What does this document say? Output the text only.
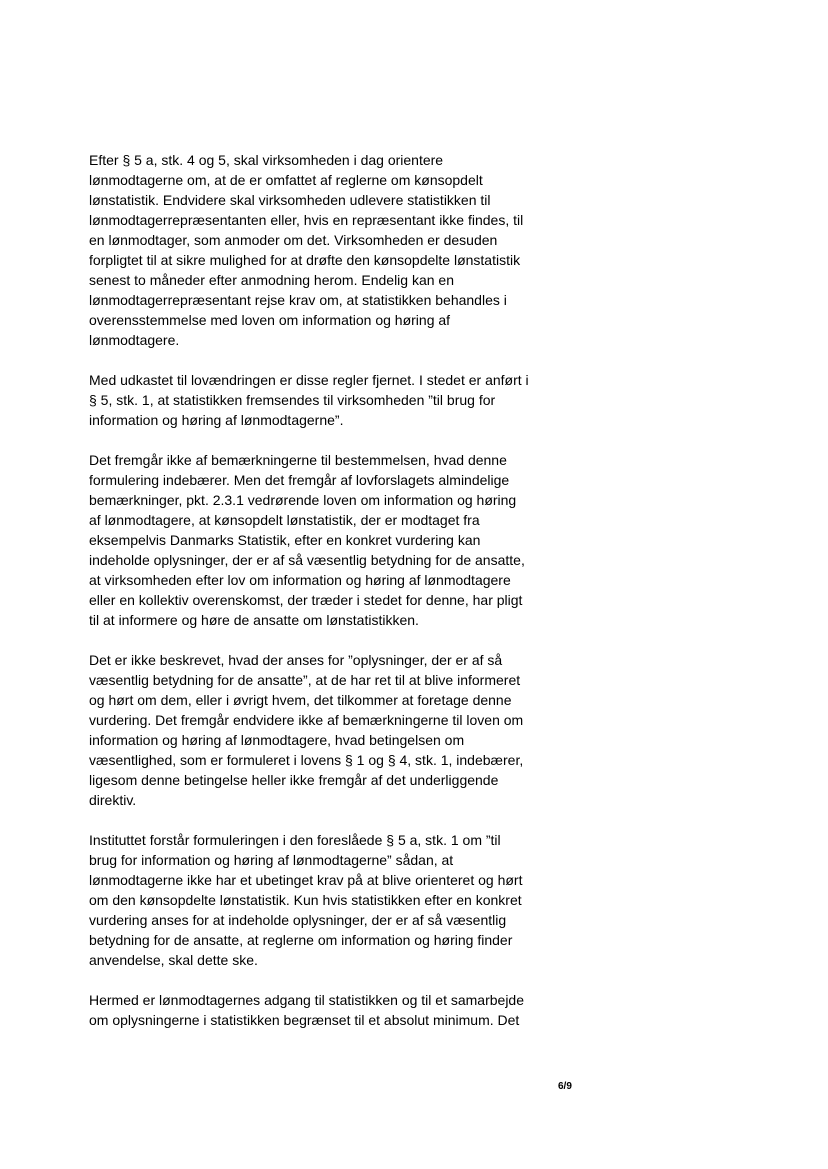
Efter § 5 a, stk. 4 og 5, skal virksomheden i dag orientere
lønmodtagerne om, at de er omfattet af reglerne om kønsopdelt
lønstatistik. Endvidere skal virksomheden udlevere statistikken til
lønmodtagerrepræsentanten eller, hvis en repræsentant ikke findes, til
en lønmodtager, som anmoder om det. Virksomheden er desuden
forpligtet til at sikre mulighed for at drøfte den kønsopdelte lønstatistik
senest to måneder efter anmodning herom. Endelig kan en
lønmodtagerrepræsentant rejse krav om, at statistikken behandles i
overensstemmelse med loven om information og høring af
lønmodtagere.
Med udkastet til lovændringen er disse regler fjernet. I stedet er anført i
§ 5, stk. 1, at statistikken fremsendes til virksomheden ”til brug for
information og høring af lønmodtagerne”.
Det fremgår ikke af bemærkningerne til bestemmelsen, hvad denne
formulering indebærer. Men det fremgår af lovforslagets almindelige
bemærkninger, pkt. 2.3.1 vedrørende loven om information og høring
af lønmodtagere, at kønsopdelt lønstatistik, der er modtaget fra
eksempelvis Danmarks Statistik, efter en konkret vurdering kan
indeholde oplysninger, der er af så væsentlig betydning for de ansatte,
at virksomheden efter lov om information og høring af lønmodtagere
eller en kollektiv overenskomst, der træder i stedet for denne, har pligt
til at informere og høre de ansatte om lønstatistikken.
Det er ikke beskrevet, hvad der anses for ”oplysninger, der er af så
væsentlig betydning for de ansatte”, at de har ret til at blive informeret
og hørt om dem, eller i øvrigt hvem, det tilkommer at foretage denne
vurdering. Det fremgår endvidere ikke af bemærkningerne til loven om
information og høring af lønmodtagere, hvad betingelsen om
væsentlighed, som er formuleret i lovens § 1 og § 4, stk. 1, indebærer,
ligesom denne betingelse heller ikke fremgår af det underliggende
direktiv.
Instituttet forstår formuleringen i den foreslåede § 5 a, stk. 1 om ”til
brug for information og høring af lønmodtagerne” sådan, at
lønmodtagerne ikke har et ubetinget krav på at blive orienteret og hørt
om den kønsopdelte lønstatistik. Kun hvis statistikken efter en konkret
vurdering anses for at indeholde oplysninger, der er af så væsentlig
betydning for de ansatte, at reglerne om information og høring finder
anvendelse, skal dette ske.
Hermed er lønmodtagernes adgang til statistikken og til et samarbejde
om oplysningerne i statistikken begrænset til et absolut minimum. Det
6/9
